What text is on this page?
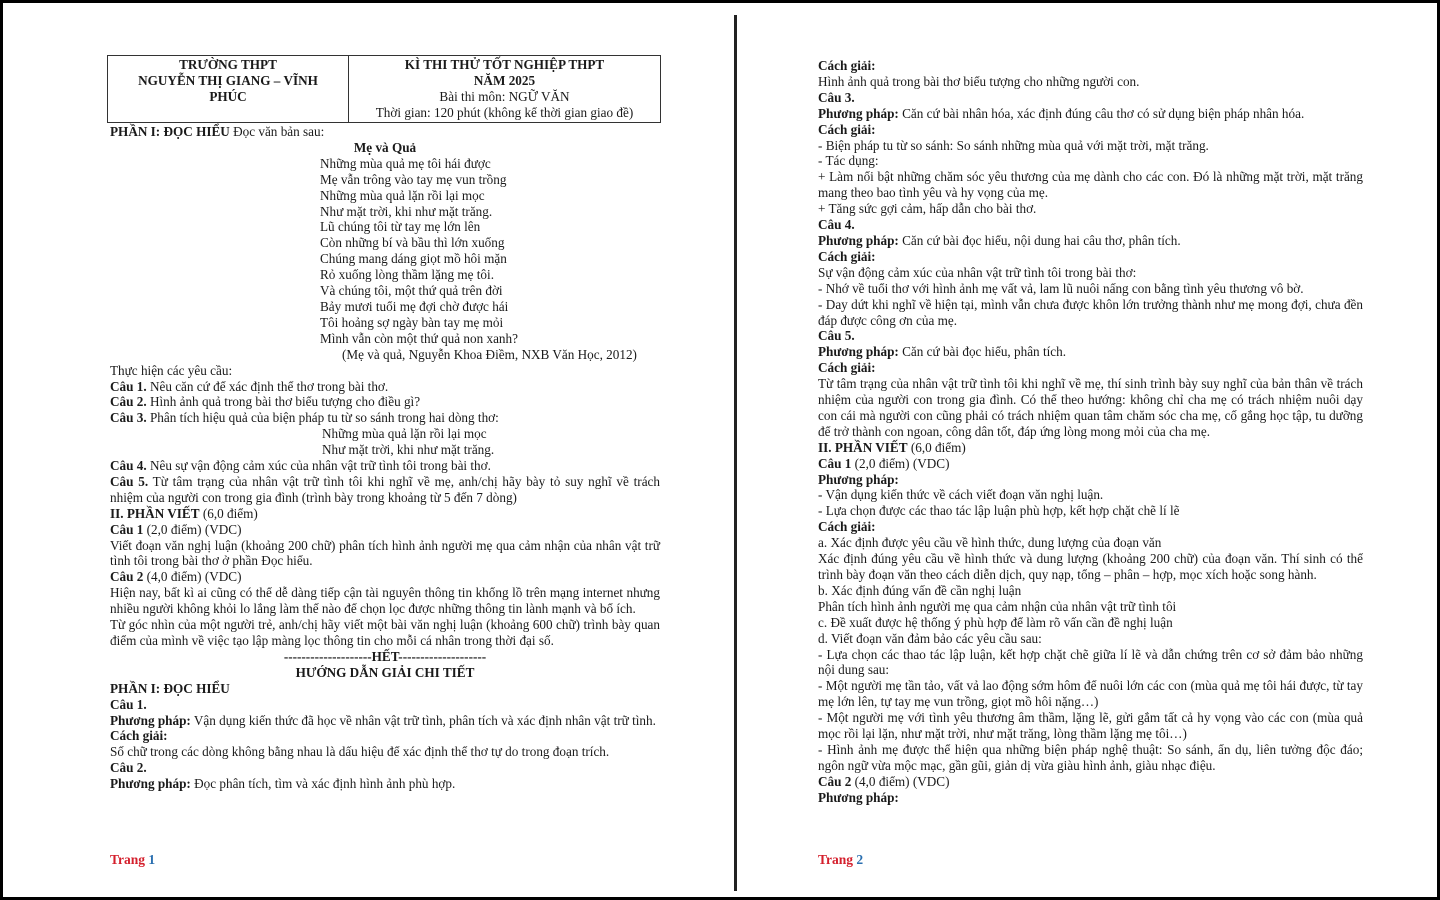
TRƯỜNG THPT
NGUYỄN THỊ GIANG – VĨNH
PHÚC

KÌ THI THỬ TỐT NGHIỆP THPT
NĂM 2025
Bài thi môn: NGỮ VĂN
Thời gian: 120 phút (không kể thời gian giao đề)
PHẦN I: ĐỌC HIỂU Đọc văn bản sau:
Mẹ và Quả
Những mùa quả mẹ tôi hái được
Mẹ vẫn trông vào tay mẹ vun trồng
Những mùa quả lặn rồi lại mọc
Như mặt trời, khi như mặt trăng.
Lũ chúng tôi từ tay mẹ lớn lên
Còn những bí và bầu thì lớn xuống
Chúng mang dáng giọt mồ hôi mặn
Rỏ xuống lòng thầm lặng mẹ tôi.
Và chúng tôi, một thứ quả trên đời
Bảy mươi tuổi mẹ đợi chờ được hái
Tôi hoảng sợ ngày bàn tay mẹ mỏi
Mình vẫn còn một thứ quả non xanh?
(Mẹ và quả, Nguyễn Khoa Điềm, NXB Văn Học, 2012)
Thực hiện các yêu cầu:
Câu 1. Nêu căn cứ để xác định thể thơ trong bài thơ.
Câu 2. Hình ảnh quả trong bài thơ biểu tượng cho điều gì?
Câu 3. Phân tích hiệu quả của biện pháp tu từ so sánh trong hai dòng thơ:
Những mùa quả lặn rồi lại mọc
Như mặt trời, khi như mặt trăng.
Câu 4. Nêu sự vận động cảm xúc của nhân vật trữ tình tôi trong bài thơ.
Câu 5. Từ tâm trạng của nhân vật trữ tình tôi khi nghĩ về mẹ, anh/chị hãy bày tỏ suy nghĩ về trách nhiệm của người con trong gia đình (trình bày trong khoảng từ 5 đến 7 dòng)
II. PHẦN VIẾT (6,0 điểm)
Câu 1 (2,0 điểm) (VDC)
Viết đoạn văn nghị luận (khoảng 200 chữ) phân tích hình ảnh người mẹ qua cảm nhận của nhân vật trữ tình tôi trong bài thơ ở phần Đọc hiểu.
Câu 2 (4,0 điểm) (VDC)
Hiện nay, bất kì ai cũng có thể dễ dàng tiếp cận tài nguyên thông tin khổng lồ trên mạng internet nhưng nhiều người không khỏi lo lắng làm thế nào để chọn lọc được những thông tin lành mạnh và bổ ích.
Từ góc nhìn của một người trẻ, anh/chị hãy viết một bài văn nghị luận (khoảng 600 chữ) trình bày quan điểm của mình về việc tạo lập màng lọc thông tin cho mỗi cá nhân trong thời đại số.
--------------------HẾT--------------------
HƯỚNG DẪN GIẢI CHI TIẾT
PHẦN I: ĐỌC HIỂU
Câu 1.
Phương pháp: Vận dụng kiến thức đã học về nhân vật trữ tình, phân tích và xác định nhân vật trữ tình.
Cách giải:
Số chữ trong các dòng không bằng nhau là dấu hiệu để xác định thể thơ tự do trong đoạn trích.
Câu 2.
Phương pháp: Đọc phân tích, tìm và xác định hình ảnh phù hợp.
Trang 1
Cách giải:
Hình ảnh quả trong bài thơ biểu tượng cho những người con.
Câu 3.
Phương pháp: Căn cứ bài nhân hóa, xác định đúng câu thơ có sử dụng biện pháp nhân hóa.
Cách giải:
- Biện pháp tu từ so sánh: So sánh những mùa quả với mặt trời, mặt trăng.
- Tác dụng:
+ Làm nổi bật những chăm sóc yêu thương của mẹ dành cho các con. Đó là những mặt trời, mặt trăng mang theo bao tình yêu và hy vọng của mẹ.
+ Tăng sức gợi cảm, hấp dẫn cho bài thơ.
Câu 4.
Phương pháp: Căn cứ bài đọc hiểu, nội dung hai câu thơ, phân tích.
Cách giải:
Sự vận động cảm xúc của nhân vật trữ tình tôi trong bài thơ:
- Nhớ về tuổi thơ với hình ảnh mẹ vất vả, lam lũ nuôi nấng con bằng tình yêu thương vô bờ.
- Day dứt khi nghĩ về hiện tại, mình vẫn chưa được khôn lớn trưởng thành như mẹ mong đợi, chưa đền đáp được công ơn của mẹ.
Câu 5.
Phương pháp: Căn cứ bài đọc hiểu, phân tích.
Cách giải:
Từ tâm trạng của nhân vật trữ tình tôi khi nghĩ về mẹ, thí sinh trình bày suy nghĩ của bản thân về trách nhiệm của người con trong gia đình. Có thể theo hướng: không chỉ cha mẹ có trách nhiệm nuôi dạy con cái mà người con cũng phải có trách nhiệm quan tâm chăm sóc cha mẹ, cố gắng học tập, tu dưỡng để trở thành con ngoan, công dân tốt, đáp ứng lòng mong mỏi của cha mẹ.
II. PHẦN VIẾT (6,0 điểm)
Câu 1 (2,0 điểm) (VDC)
Phương pháp:
- Vận dụng kiến thức về cách viết đoạn văn nghị luận.
- Lựa chọn được các thao tác lập luận phù hợp, kết hợp chặt chẽ lí lẽ
Cách giải:
a. Xác định được yêu cầu về hình thức, dung lượng của đoạn văn
Xác định đúng yêu cầu về hình thức và dung lượng (khoảng 200 chữ) của đoạn văn. Thí sinh có thể trình bày đoạn văn theo cách diễn dịch, quy nạp, tổng – phân – hợp, mọc xích hoặc song hành.
b. Xác định đúng vấn đề cần nghị luận
Phân tích hình ảnh người mẹ qua cảm nhận của nhân vật trữ tình tôi
c. Đề xuất được hệ thống ý phù hợp để làm rõ vấn cần đề nghị luận
d. Viết đoạn văn đảm bảo các yêu cầu sau:
- Lựa chọn các thao tác lập luận, kết hợp chặt chẽ giữa lí lẽ và dẫn chứng trên cơ sở đảm bảo những nội dung sau:
- Một người mẹ tần tảo, vất vả lao động sớm hôm để nuôi lớn các con (mùa quả mẹ tôi hái được, từ tay mẹ lớn lên, tự tay mẹ vun trồng, giọt mồ hôi nặng…)
- Một người mẹ với tình yêu thương âm thầm, lặng lẽ, gửi gắm tất cả hy vọng vào các con (mùa quả mọc rồi lại lặn, như mặt trời, như mặt trăng, lòng thầm lặng mẹ tôi…)
- Hình ảnh mẹ được thể hiện qua những biện pháp nghệ thuật: So sánh, ẩn dụ, liên tưởng độc đáo; ngôn ngữ vừa mộc mạc, gần gũi, giản dị vừa giàu hình ảnh, giàu nhạc điệu.
Câu 2 (4,0 điểm) (VDC)
Phương pháp:
Trang 2
